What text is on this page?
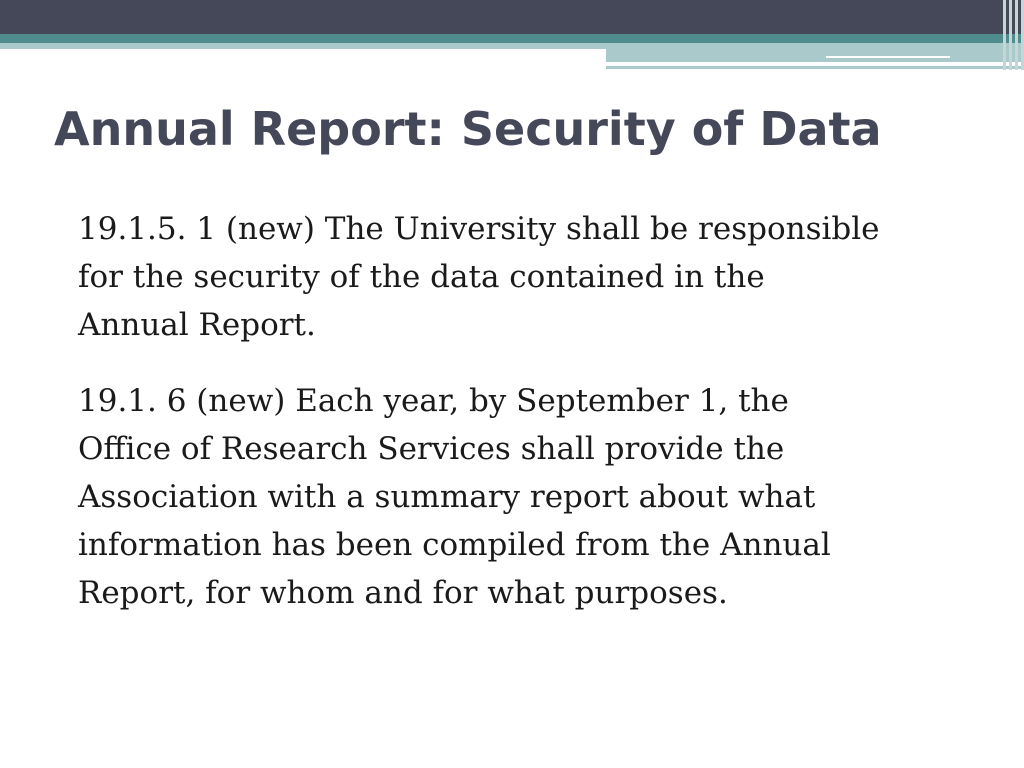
Annual Report: Security of Data

19.1.5. 1 (new) The University shall be responsible
for the security of the data contained in the
Annual Report.

19.1. 6 (new) Each year, by September 1, the
Office of Research Services shall provide the
Association with a summary report about what
information has been compiled from the Annual
Report, for whom and for what purposes.
